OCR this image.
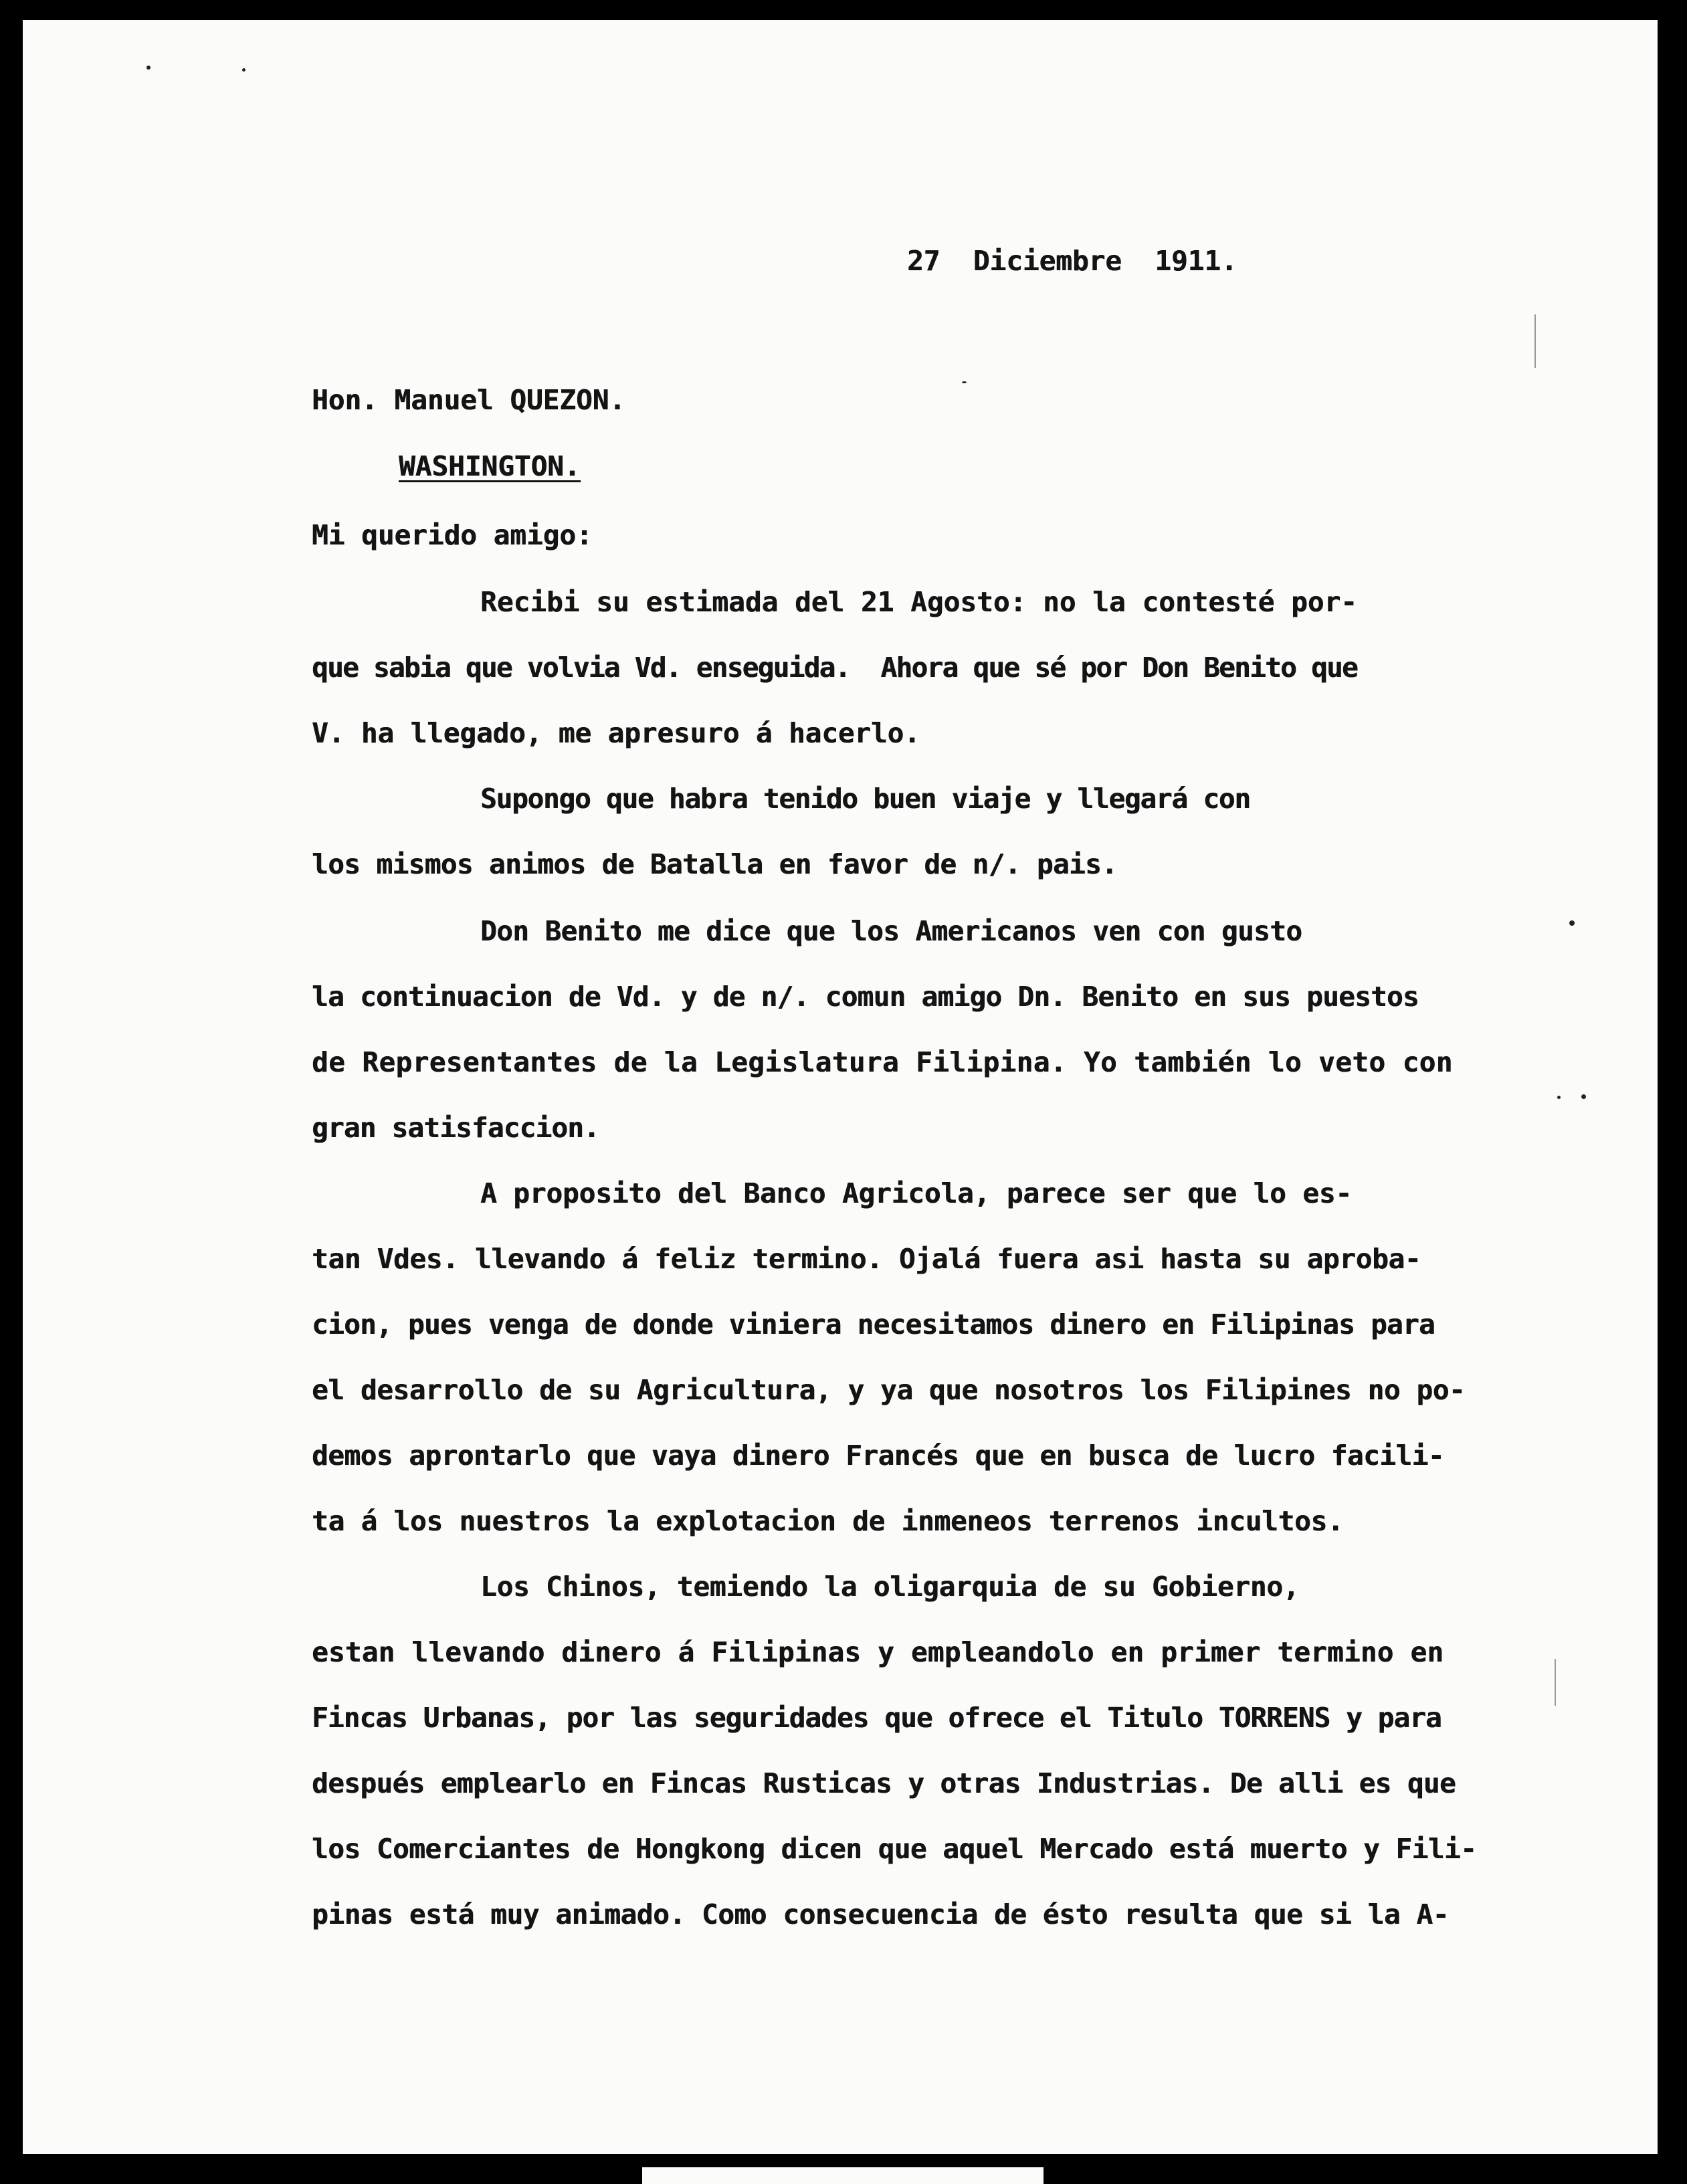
27  Diciembre  1911.
Hon. Manuel QUEZON.
WASHINGTON.
Mi querido amigo:
Recibi su estimada del 21 Agosto: no la contesté por-
que sabia que volvia Vd. enseguida.  Ahora que sé por Don Benito que
V. ha llegado, me apresuro á hacerlo.
Supongo que habra tenido buen viaje y llegará con
los mismos animos de Batalla en favor de n/. pais.
Don Benito me dice que los Americanos ven con gusto
la continuacion de Vd. y de n/. comun amigo Dn. Benito en sus puestos
de Representantes de la Legislatura Filipina. Yo también lo veto con
gran satisfaccion.
A proposito del Banco Agricola, parece ser que lo es-
tan Vdes. llevando á feliz termino. Ojalá fuera asi hasta su aproba-
cion, pues venga de donde viniera necesitamos dinero en Filipinas para
el desarrollo de su Agricultura, y ya que nosotros los Filipines no po-
demos aprontarlo que vaya dinero Francés que en busca de lucro facili-
ta á los nuestros la explotacion de inmeneos terrenos incultos.
Los Chinos, temiendo la oligarquia de su Gobierno,
estan llevando dinero á Filipinas y empleandolo en primer termino en
Fincas Urbanas, por las seguridades que ofrece el Titulo TORRENS y para
después emplearlo en Fincas Rusticas y otras Industrias. De alli es que
los Comerciantes de Hongkong dicen que aquel Mercado está muerto y Fili-
pinas está muy animado. Como consecuencia de ésto resulta que si la A-
